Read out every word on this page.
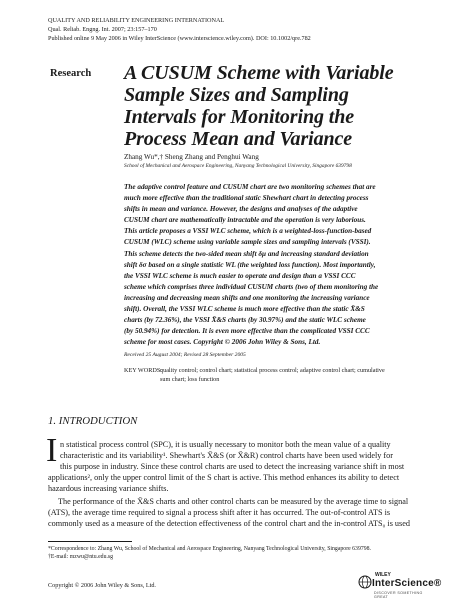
QUALITY AND RELIABILITY ENGINEERING INTERNATIONAL
Qual. Reliab. Engng. Int. 2007; 23:157–170
Published online 9 May 2006 in Wiley InterScience (www.interscience.wiley.com). DOI: 10.1002/qre.782
Research A CUSUM Scheme with Variable
Sample Sizes and Sampling
Intervals for Monitoring the
Process Mean and Variance
Zhang Wu*,† Sheng Zhang and Penghui Wang
School of Mechanical and Aerospace Engineering, Nanyang Technological University, Singapore 639798
The adaptive control feature and CUSUM chart are two monitoring schemes that are
much more effective than the traditional static Shewhart chart in detecting process
shifts in mean and variance. However, the designs and analyses of the adaptive
CUSUM chart are mathematically intractable and the operation is very laborious.
This article proposes a VSSI WLC scheme, which is a weighted-loss-function-based
CUSUM (WLC) scheme using variable sample sizes and sampling intervals (VSSI).
This scheme detects the two-sided mean shift δμ and increasing standard deviation
shift δσ based on a single statistic WL (the weighted loss function). Most importantly,
the VSSI WLC scheme is much easier to operate and design than a VSSI CCC
scheme which comprises three individual CUSUM charts (two of them monitoring the
increasing and decreasing mean shifts and one monitoring the increasing variance
shift). Overall, the VSSI WLC scheme is much more effective than the static X̄&S
charts (by 72.36%), the VSSI X̄&S charts (by 30.97%) and the static WLC scheme
(by 50.94%) for detection. It is even more effective than the complicated VSSI CCC
scheme for most cases. Copyright © 2006 John Wiley & Sons, Ltd.
Received 25 August 2004; Revised 28 September 2005
KEY WORDS:
quality control; control chart; statistical process control; adaptive control chart; cumulative
sum chart; loss function
1. INTRODUCTION
I n statistical process control (SPC), it is usually necessary to monitor both the mean value of a quality
characteristic and its variability¹. Shewhart's X̄&S (or X̄&R) control charts have been used widely for
this purpose in industry. Since these control charts are used to detect the increasing variance shift in most
applications², only the upper control limit of the S chart is active. This method enhances its ability to detect
hazardous increasing variance shifts.
The performance of the X̄&S charts and other control charts can be measured by the average time to signal
(ATS), the average time required to signal a process shift after it has occurred. The out-of-control ATS is
commonly used as a measure of the detection effectiveness of the control chart and the in-control ATS₀ is used
*Correspondence to: Zhang Wu, School of Mechanical and Aerospace Engineering, Nanyang Technological University, Singapore 639798.
†E-mail: mzwu@ntu.edu.sg
Copyright © 2006 John Wiley & Sons, Ltd.
WILEY
InterScience®
DISCOVER SOMETHING GREAT
